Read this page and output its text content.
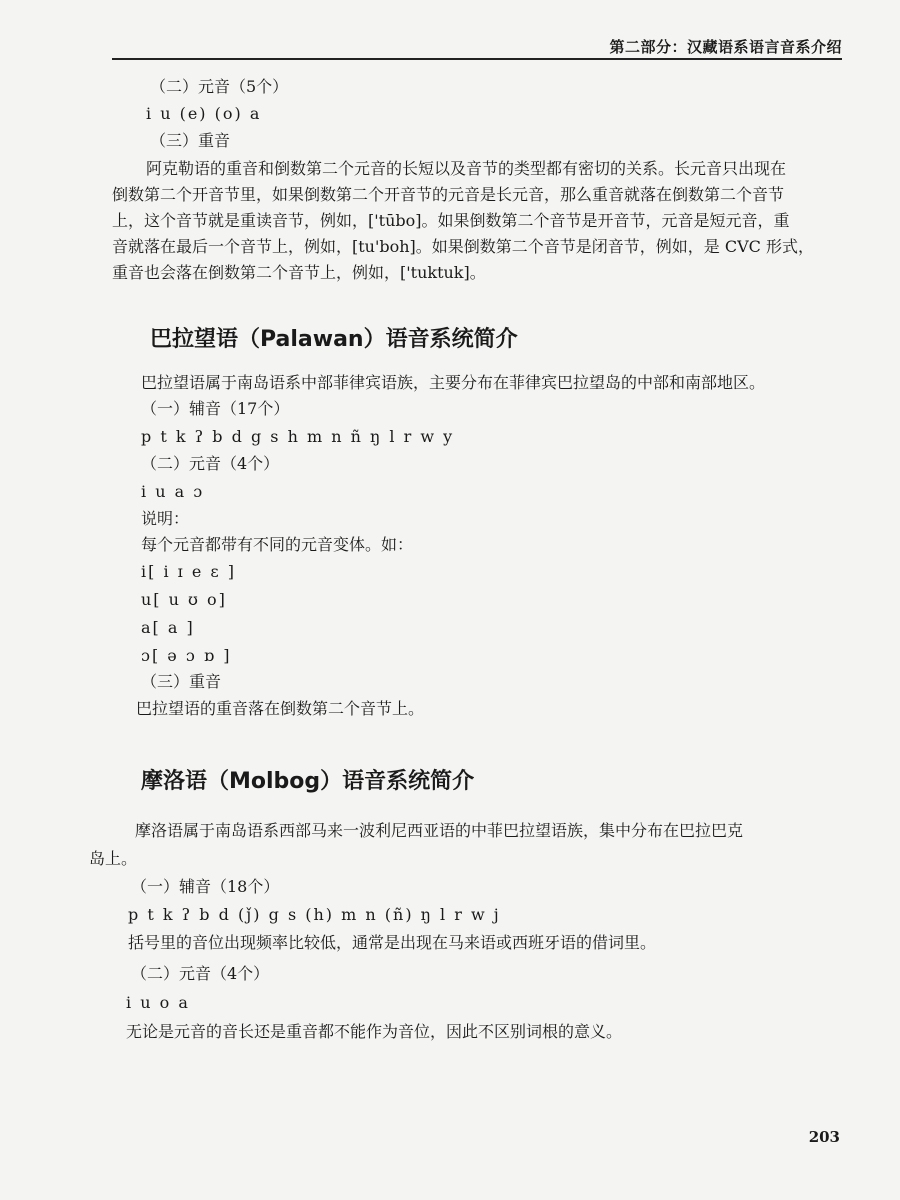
第二部分：汉藏语系语言音系介绍
（二）元音（5个）
i u (e) (o) a
（三）重音
阿克勒语的重音和倒数第二个元音的长短以及音节的类型都有密切的关系。长元音只出现在
倒数第二个开音节里，如果倒数第二个开音节的元音是长元音，那么重音就落在倒数第二个音节
上，这个音节就是重读音节，例如，['tūbo]。如果倒数第二个音节是开音节，元音是短元音，重
音就落在最后一个音节上，例如，[tu'boh]。如果倒数第二个音节是闭音节，例如，是 CVC 形式，
重音也会落在倒数第二个音节上，例如，['tuktuk]。
巴拉望语（Palawan）语音系统简介
巴拉望语属于南岛语系中部菲律宾语族，主要分布在菲律宾巴拉望岛的中部和南部地区。
（一）辅音（17个）
p t k ʔ b d g s h m n ñ ŋ l r w y
（二）元音（4个）
i u a ɔ
说明：
每个元音都带有不同的元音变体。如：
i[ i ɪ e ɛ ]
u[ u ʊ o]
a[ a ]
ɔ[ ə ɔ ɒ ]
（三）重音
巴拉望语的重音落在倒数第二个音节上。
摩洛语（Molbog）语音系统简介
摩洛语属于南岛语系西部马来一波利尼西亚语的中菲巴拉望语族，集中分布在巴拉巴克
岛上。
（一）辅音（18个）
p t k ʔ b d (ǰ) g s (h) m n (ñ) ŋ l r w j
括号里的音位出现频率比较低，通常是出现在马来语或西班牙语的借词里。
（二）元音（4个）
i u o a
无论是元音的音长还是重音都不能作为音位，因此不区别词根的意义。
203
